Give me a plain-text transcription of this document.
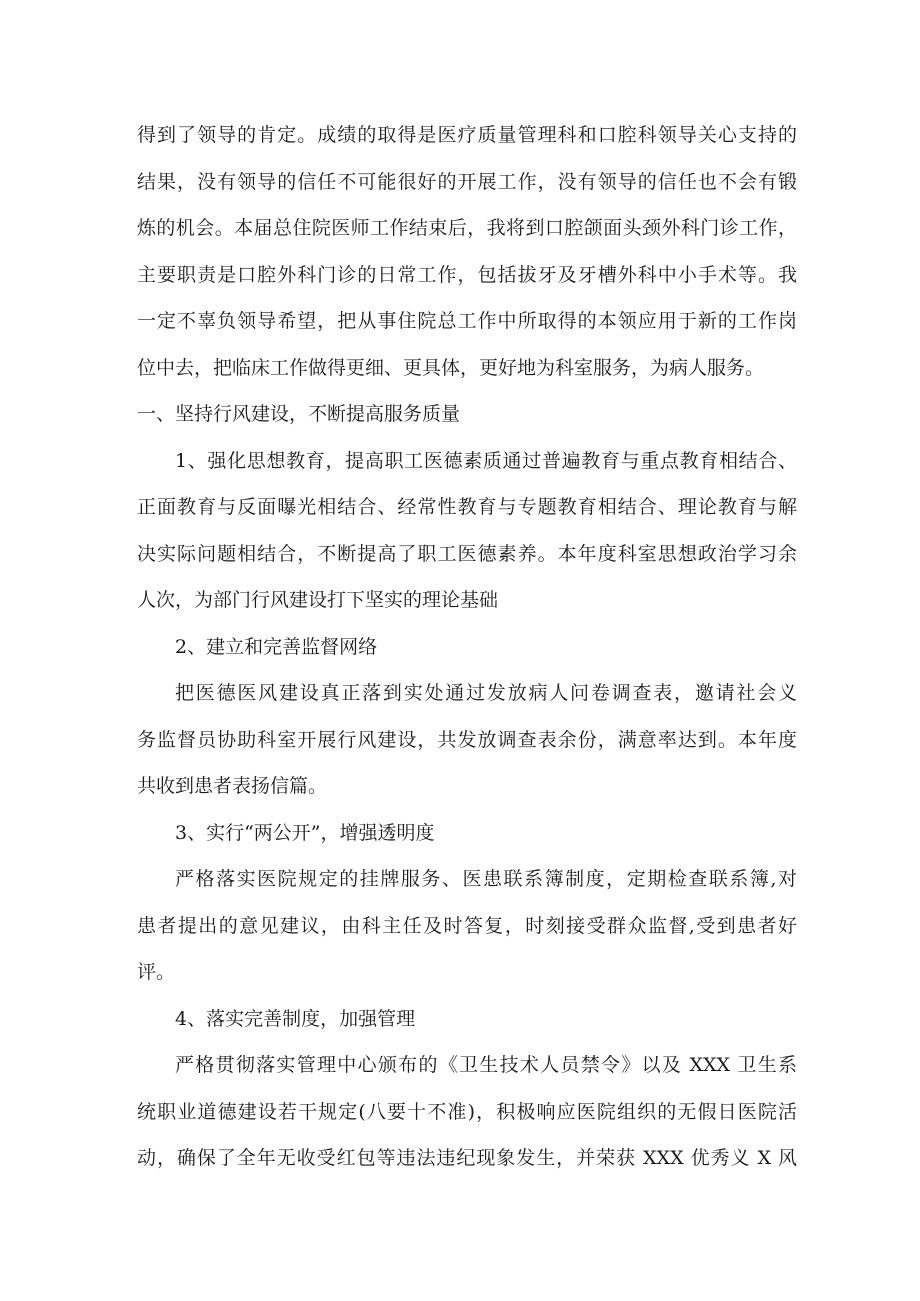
得到了领导的肯定。成绩的取得是医疗质量管理科和口腔科领导关心支持的

结果，没有领导的信任不可能很好的开展工作，没有领导的信任也不会有锻

炼的机会。本届总住院医师工作结束后，我将到口腔颌面头颈外科门诊工作，

主要职责是口腔外科门诊的日常工作，包括拔牙及牙槽外科中小手术等。我

一定不辜负领导希望，把从事住院总工作中所取得的本领应用于新的工作岗

位中去，把临床工作做得更细、更具体，更好地为科室服务，为病人服务。

一、坚持行风建设，不断提高服务质量

1、强化思想教育，提高职工医德素质通过普遍教育与重点教育相结合、

正面教育与反面曝光相结合、经常性教育与专题教育相结合、理论教育与解

决实际问题相结合，不断提高了职工医德素养。本年度科室思想政治学习余

人次，为部门行风建设打下坚实的理论基础

2、建立和完善监督网络

把医德医风建设真正落到实处通过发放病人问卷调查表，邀请社会义

务监督员协助科室开展行风建设，共发放调查表余份，满意率达到。本年度

共收到患者表扬信篇。

3、实行“两公开”，增强透明度

严格落实医院规定的挂牌服务、医患联系簿制度，定期检查联系簿,对

患者提出的意见建议，由科主任及时答复，时刻接受群众监督,受到患者好

评。

4、落实完善制度，加强管理

严格贯彻落实管理中心颁布的《卫生技术人员禁令》以及 XXX 卫生系

统职业道德建设若干规定(八要十不准)，积极响应医院组织的无假日医院活

动，确保了全年无收受红包等违法违纪现象发生，并荣获 XXX 优秀义 X 风
